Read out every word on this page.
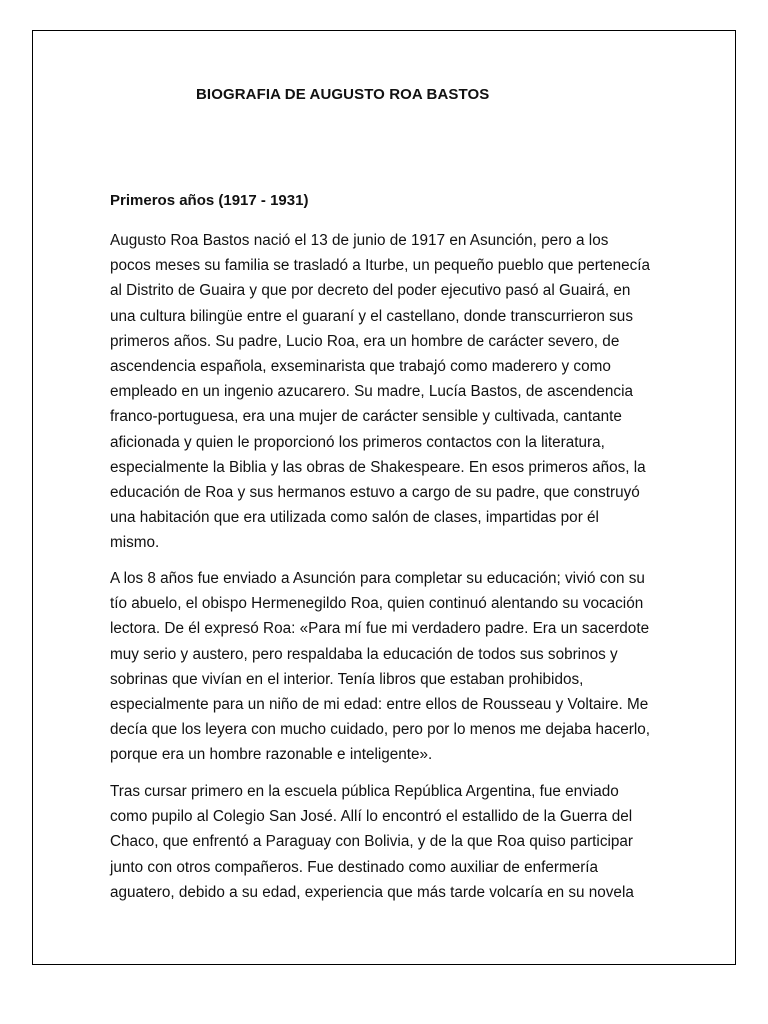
BIOGRAFIA DE AUGUSTO ROA BASTOS
Primeros años (1917 - 1931)

Augusto Roa Bastos nació el 13 de junio de 1917 en Asunción, pero a los
pocos meses su familia se trasladó a Iturbe, un pequeño pueblo que pertenecía
al Distrito de Guaira y que por decreto del poder ejecutivo pasó al Guairá, en
una cultura bilingüe entre el guaraní y el castellano, donde transcurrieron sus
primeros años. Su padre, Lucio Roa, era un hombre de carácter severo, de
ascendencia española, exseminarista que trabajó como maderero y como
empleado en un ingenio azucarero. Su madre, Lucía Bastos, de ascendencia
franco-portuguesa, era una mujer de carácter sensible y cultivada, cantante
aficionada y quien le proporcionó los primeros contactos con la literatura,
especialmente la Biblia y las obras de Shakespeare. En esos primeros años, la
educación de Roa y sus hermanos estuvo a cargo de su padre, que construyó
una habitación que era utilizada como salón de clases, impartidas por él
mismo.

A los 8 años fue enviado a Asunción para completar su educación; vivió con su
tío abuelo, el obispo Hermenegildo Roa, quien continuó alentando su vocación
lectora. De él expresó Roa: «Para mí fue mi verdadero padre. Era un sacerdote
muy serio y austero, pero respaldaba la educación de todos sus sobrinos y
sobrinas que vivían en el interior. Tenía libros que estaban prohibidos,
especialmente para un niño de mi edad: entre ellos de Rousseau y Voltaire. Me
decía que los leyera con mucho cuidado, pero por lo menos me dejaba hacerlo,
porque era un hombre razonable e inteligente».

Tras cursar primero en la escuela pública República Argentina, fue enviado
como pupilo al Colegio San José. Allí lo encontró el estallido de la Guerra del
Chaco, que enfrentó a Paraguay con Bolivia, y de la que Roa quiso participar
junto con otros compañeros. Fue destinado como auxiliar de enfermería
aguatero, debido a su edad, experiencia que más tarde volcaría en su novela
